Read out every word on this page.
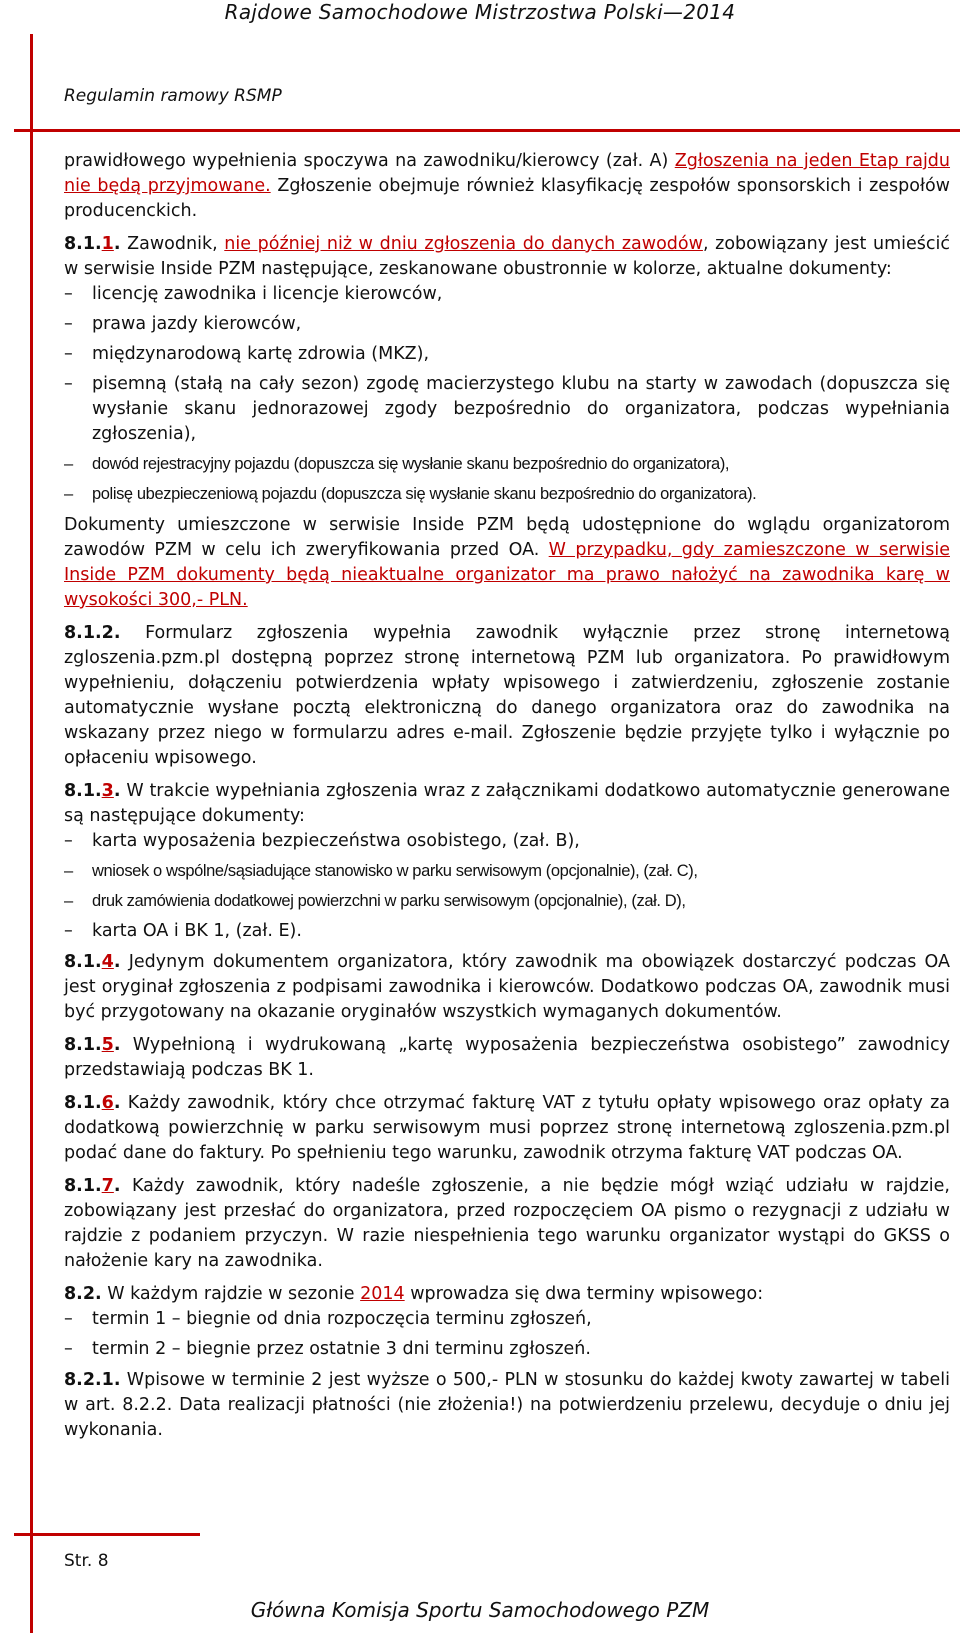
Rajdowe Samochodowe Mistrzostwa Polski—2014
Regulamin ramowy RSMP

prawidłowego wypełnienia spoczywa na zawodniku/kierowcy (zał. A) Zgłoszenia na jeden Etap rajdu nie będą przyjmowane. Zgłoszenie obejmuje również klasyfikację zespołów sponsorskich i zespołów producenckich.

8.1.1. Zawodnik, nie później niż w dniu zgłoszenia do danych zawodów, zobowiązany jest umieścić w serwisie Inside PZM następujące, zeskanowane obustronnie w kolorze, aktualne dokumenty:

– licencję zawodnika i licencje kierowców,
– prawa jazdy kierowców,
– międzynarodową kartę zdrowia (MKZ),
– pisemną (stałą na cały sezon) zgodę macierzystego klubu na starty w zawodach (dopuszcza się wysłanie skanu jednorazowej zgody bezpośrednio do organizatora, podczas wypełniania zgłoszenia),
– dowód rejestracyjny pojazdu (dopuszcza się wysłanie skanu bezpośrednio do organizatora),
– polisę ubezpieczeniową pojazdu (dopuszcza się wysłanie skanu bezpośrednio do organizatora).

Dokumenty umieszczone w serwisie Inside PZM będą udostępnione do wglądu organizatorom zawodów PZM w celu ich zweryfikowania przed OA. W przypadku, gdy zamieszczone w serwisie Inside PZM dokumenty będą nieaktualne organizator ma prawo nałożyć na zawodnika karę w wysokości 300,- PLN.

8.1.2. Formularz zgłoszenia wypełnia zawodnik wyłącznie przez stronę internetową zgloszenia.pzm.pl dostępną poprzez stronę internetową PZM lub organizatora. Po prawidłowym wypełnieniu, dołączeniu potwierdzenia wpłaty wpisowego i zatwierdzeniu, zgłoszenie zostanie automatycznie wysłane pocztą elektroniczną do danego organizatora oraz do zawodnika na wskazany przez niego w formularzu adres e-mail. Zgłoszenie będzie przyjęte tylko i wyłącznie po opłaceniu wpisowego.

8.1.3. W trakcie wypełniania zgłoszenia wraz z załącznikami dodatkowo automatycznie generowane są następujące dokumenty:

– karta wyposażenia bezpieczeństwa osobistego, (zał. B),
– wniosek o wspólne/sąsiadujące stanowisko w parku serwisowym (opcjonalnie), (zał. C),
– druk zamówienia dodatkowej powierzchni w parku serwisowym (opcjonalnie), (zał. D),
– karta OA i BK 1, (zał. E).

8.1.4. Jedynym dokumentem organizatora, który zawodnik ma obowiązek dostarczyć podczas OA jest oryginał zgłoszenia z podpisami zawodnika i kierowców. Dodatkowo podczas OA, zawodnik musi być przygotowany na okazanie oryginałów wszystkich wymaganych dokumentów.

8.1.5. Wypełnioną i wydrukowaną „kartę wyposażenia bezpieczeństwa osobistego” zawodnicy przedstawiają podczas BK 1.

8.1.6. Każdy zawodnik, który chce otrzymać fakturę VAT z tytułu opłaty wpisowego oraz opłaty za dodatkową powierzchnię w parku serwisowym musi poprzez stronę internetową zgloszenia.pzm.pl podać dane do faktury. Po spełnieniu tego warunku, zawodnik otrzyma fakturę VAT podczas OA.

8.1.7. Każdy zawodnik, który nadeśle zgłoszenie, a nie będzie mógł wziąć udziału w rajdzie, zobowiązany jest przesłać do organizatora, przed rozpoczęciem OA pismo o rezygnacji z udziału w rajdzie z podaniem przyczyn. W razie niespełnienia tego warunku organizator wystąpi do GKSS o nałożenie kary na zawodnika.

8.2. W każdym rajdzie w sezonie 2014 wprowadza się dwa terminy wpisowego:

– termin 1 – biegnie od dnia rozpoczęcia terminu zgłoszeń,
– termin 2 – biegnie przez ostatnie 3 dni terminu zgłoszeń.

8.2.1. Wpisowe w terminie 2 jest wyższe o 500,- PLN w stosunku do każdej kwoty zawartej w tabeli w art. 8.2.2. Data realizacji płatności (nie złożenia!) na potwierdzeniu przelewu, decyduje o dniu jej wykonania.

Str. 8
Główna Komisja Sportu Samochodowego PZM
